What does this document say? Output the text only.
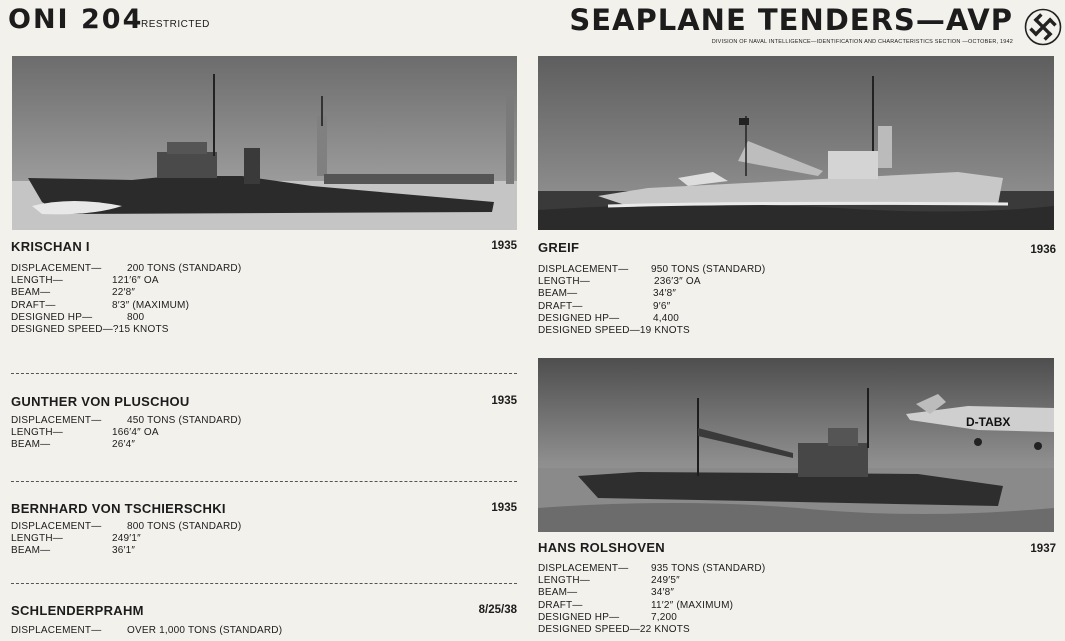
ONI 204
RESTRICTED	SEAPLANE TENDERS—AVP
DIVISION OF NAVAL INTELLIGENCE—IDENTIFICATION AND CHARACTERISTICS SECTION —OCTOBER, 1942
D-TABX
KRISCHAN I	1935
DISPLACEMENT—	200 TONS (STANDARD)
LENGTH—	121′6″ OA
BEAM—	22′8″
DRAFT—	8′3″ (MAXIMUM)
DESIGNED HP—	800
DESIGNED SPEED— ?15 KNOTS
GUNTHER VON PLUSCHOU	1935
DISPLACEMENT—	450 TONS (STANDARD)
LENGTH—	166′4″ OA
BEAM—	26′4″
BERNHARD VON TSCHIERSCHKI	1935
DISPLACEMENT—	800 TONS (STANDARD)
LENGTH—	249′1″
BEAM—	36′1″
SCHLENDERPRAHM	8/25/38
DISPLACEMENT—	OVER 1,000 TONS (STANDARD)
GREIF	1936
DISPLACEMENT—	950 TONS (STANDARD)
LENGTH—	236′3″ OA
BEAM—	34′8″
DRAFT—	9′6″
DESIGNED HP—	4,400
DESIGNED SPEED— 19 KNOTS
HANS ROLSHOVEN	1937
DISPLACEMENT—	935 TONS (STANDARD)
LENGTH—	249′5″
BEAM—	34′8″
DRAFT—	11′2″ (MAXIMUM)
DESIGNED HP—	7,200
DESIGNED SPEED— 22 KNOTS
